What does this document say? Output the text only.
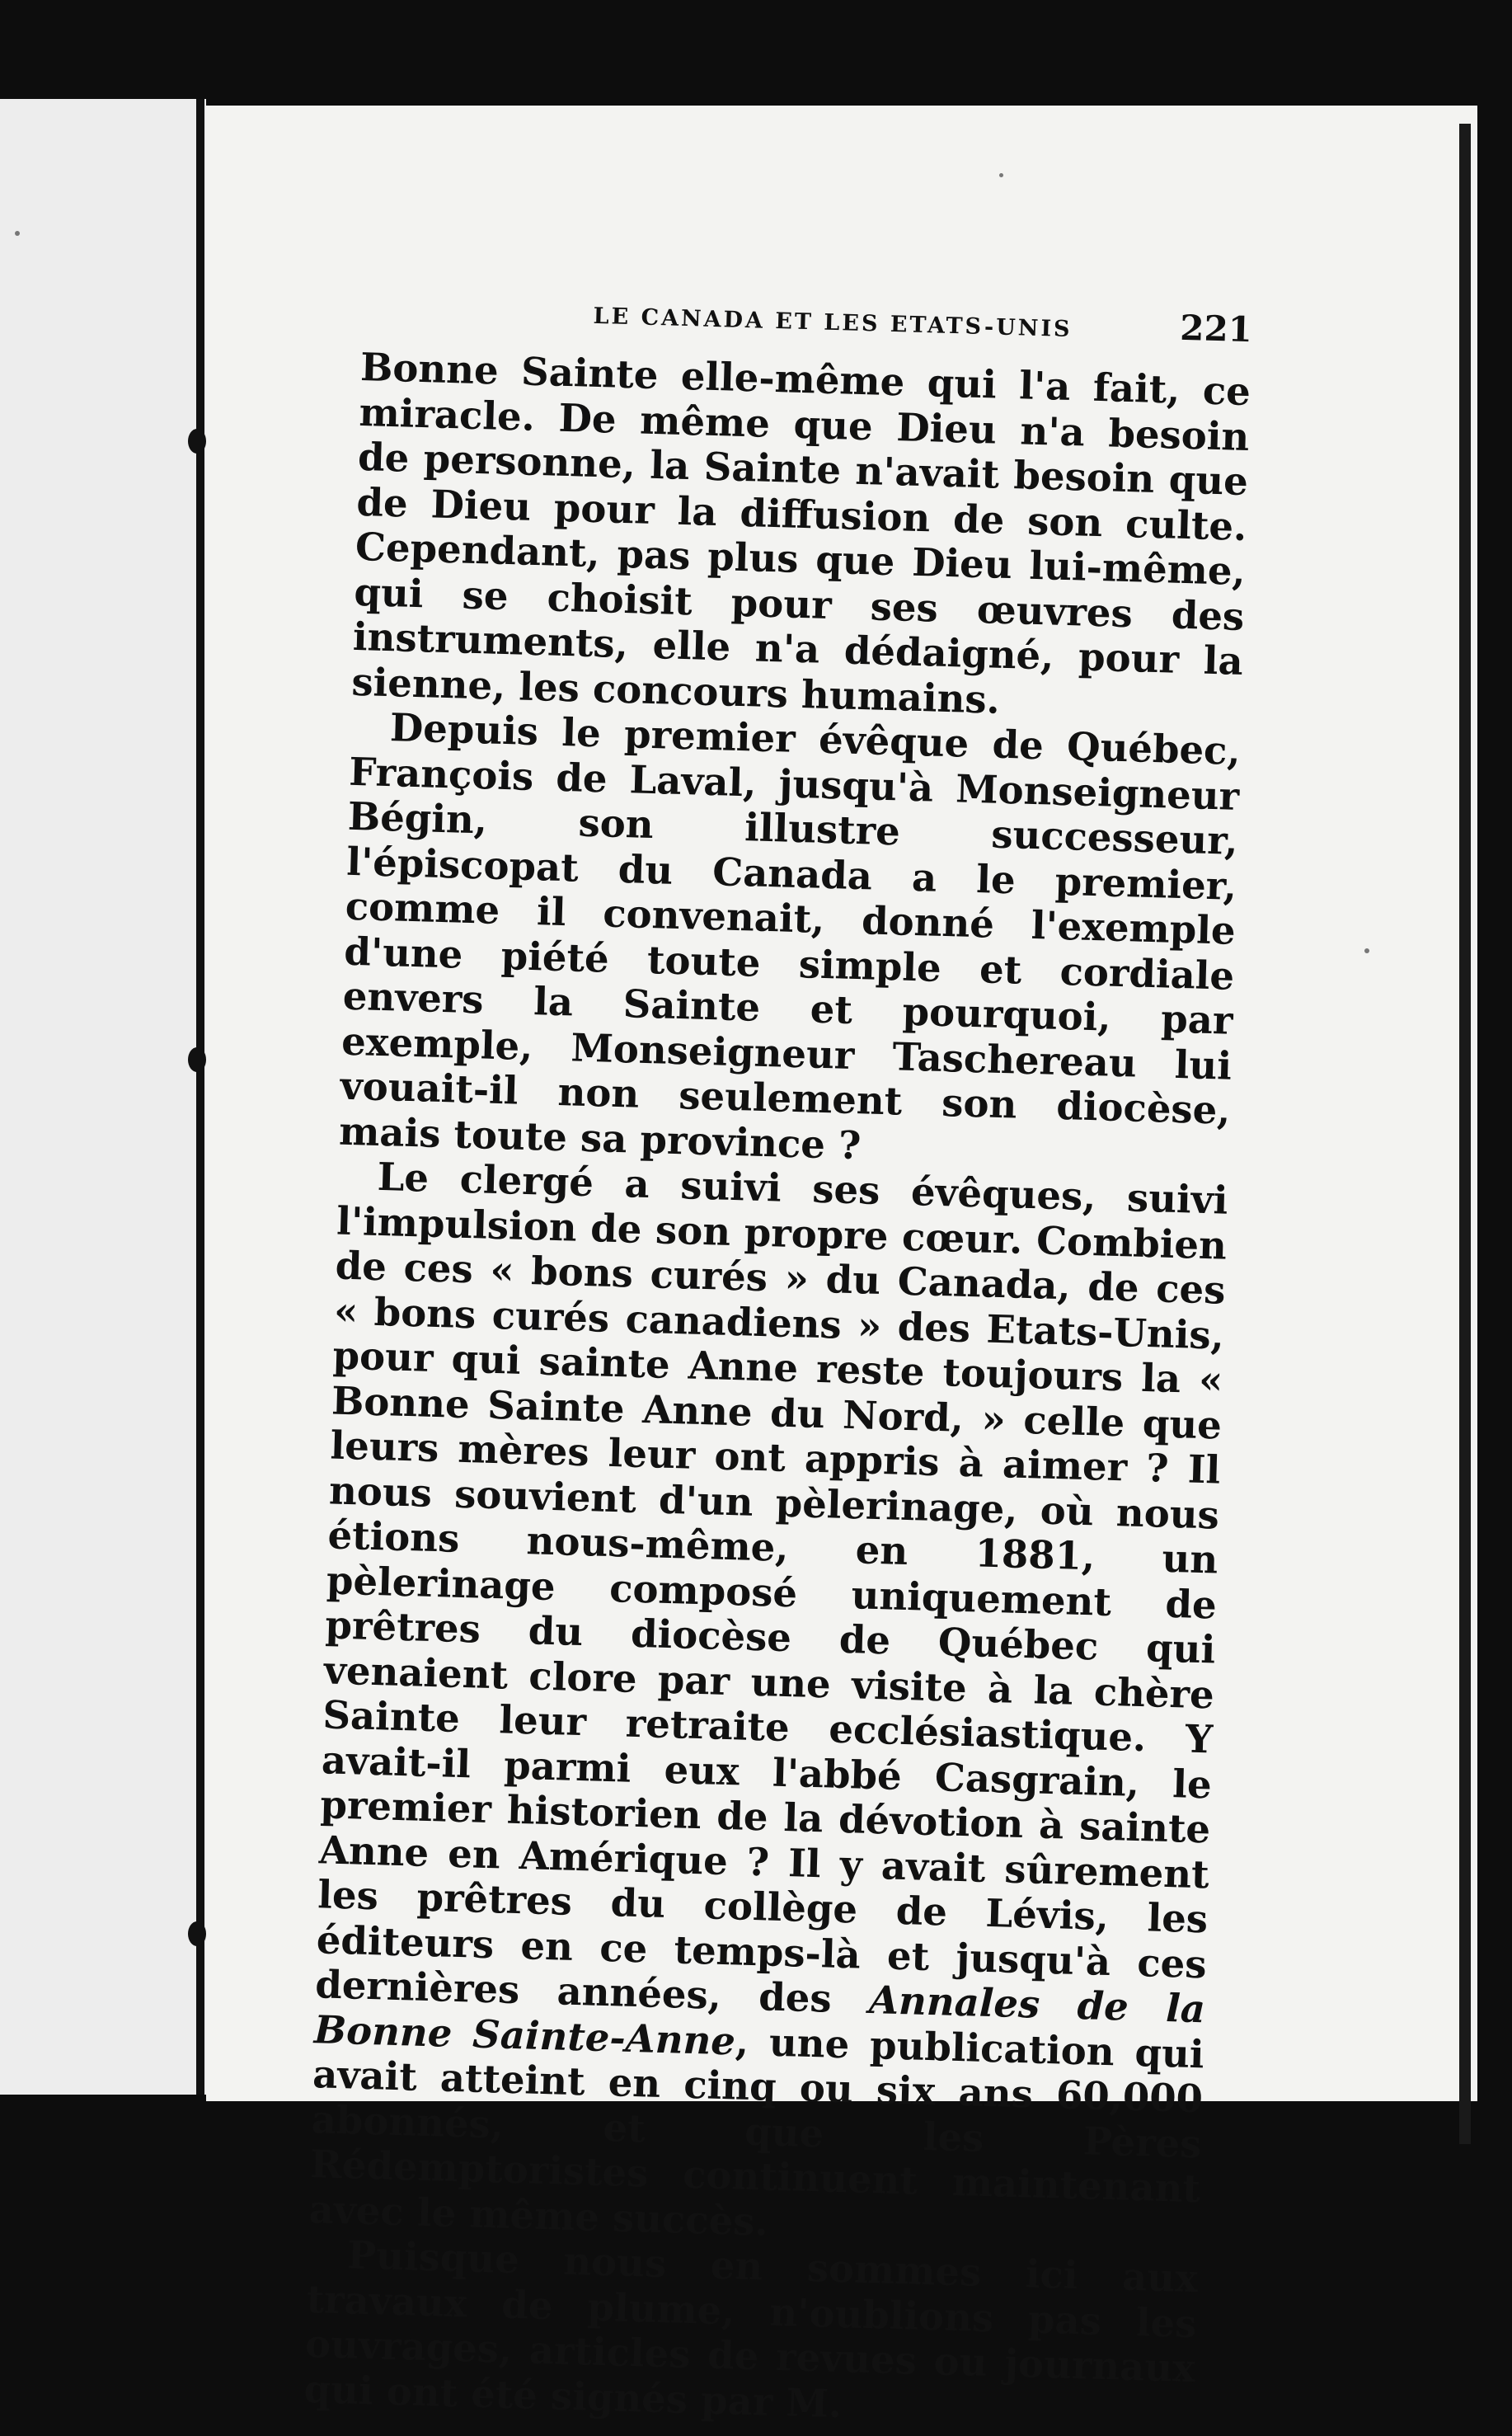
LE CANADA ET LES ETATS-UNIS	221

Bonne Sainte elle-même qui l'a fait, ce miracle. De même que Dieu n'a besoin de personne, la Sainte n'avait besoin que de Dieu pour la diffusion de son culte. Cependant, pas plus que Dieu lui-même, qui se choisit pour ses œuvres des instruments, elle n'a dédaigné, pour la sienne, les concours humains.

Depuis le premier évêque de Québec, François de Laval, jusqu'à Monseigneur Bégin, son illustre successeur, l'épiscopat du Canada a le premier, comme il convenait, donné l'exemple d'une piété toute simple et cordiale envers la Sainte et pourquoi, par exemple, Monseigneur Taschereau lui vouait-il non seulement son diocèse, mais toute sa province ?

Le clergé a suivi ses évêques, suivi l'impulsion de son propre cœur. Combien de ces « bons curés » du Canada, de ces « bons curés canadiens » des Etats-Unis, pour qui sainte Anne reste toujours la « Bonne Sainte Anne du Nord, » celle que leurs mères leur ont appris à aimer ? Il nous souvient d'un pèlerinage, où nous étions nous-même, en 1881, un pèlerinage composé uniquement de prêtres du diocèse de Québec qui venaient clore par une visite à la chère Sainte leur retraite ecclésiastique. Y avait-il parmi eux l'abbé Casgrain, le premier historien de la dévotion à sainte Anne en Amérique ? Il y avait sûrement les prêtres du collège de Lévis, les éditeurs en ce temps-là et jusqu'à ces dernières années, des Annales de la Bonne Sainte-Anne, une publication qui avait atteint en cinq ou six ans 60,000 abonnés, et que les Pères Rédemptoristes continuent maintenant avec le même succès.

Puisque nous en sommes ici aux travaux de plume, n'oublions pas les ouvrages, articles de revues ou journaux qui ont été signés par M.
